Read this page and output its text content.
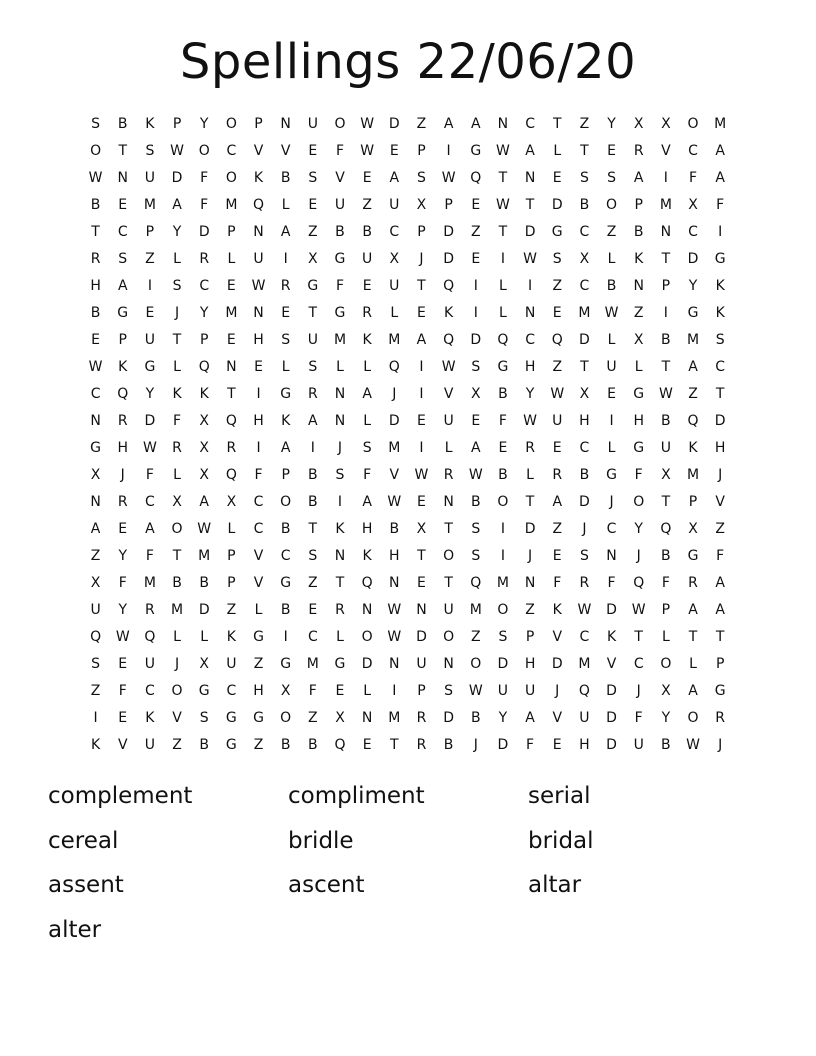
Spellings 22/06/20
S	B	K	P	Y	O	P	N	U	O	W	D	Z	A	A	N	C	T	Z	Y	X	X	O	M
O	T	S	W	O	C	V	V	E	F	W	E	P	I	G	W	A	L	T	E	R	V	C	A
W	N	U	D	F	O	K	B	S	V	E	A	S	W	Q	T	N	E	S	S	A	I	F	A
B	E	M	A	F	M	Q	L	E	U	Z	U	X	P	E	W	T	D	B	O	P	M	X	F
T	C	P	Y	D	P	N	A	Z	B	B	C	P	D	Z	T	D	G	C	Z	B	N	C	I
R	S	Z	L	R	L	U	I	X	G	U	X	J	D	E	I	W	S	X	L	K	T	D	G
H	A	I	S	C	E	W	R	G	F	E	U	T	Q	I	L	I	Z	C	B	N	P	Y	K
B	G	E	J	Y	M	N	E	T	G	R	L	E	K	I	L	N	E	M	W	Z	I	G	K
E	P	U	T	P	E	H	S	U	M	K	M	A	Q	D	Q	C	Q	D	L	X	B	M	S
W	K	G	L	Q	N	E	L	S	L	L	Q	I	W	S	G	H	Z	T	U	L	T	A	C
C	Q	Y	K	K	T	I	G	R	N	A	J	I	V	X	B	Y	W	X	E	G	W	Z	T
N	R	D	F	X	Q	H	K	A	N	L	D	E	U	E	F	W	U	H	I	H	B	Q	D
G	H	W	R	X	R	I	A	I	J	S	M	I	L	A	E	R	E	C	L	G	U	K	H
X	J	F	L	X	Q	F	P	B	S	F	V	W	R	W	B	L	R	B	G	F	X	M	J
N	R	C	X	A	X	C	O	B	I	A	W	E	N	B	O	T	A	D	J	O	T	P	V
A	E	A	O	W	L	C	B	T	K	H	B	X	T	S	I	D	Z	J	C	Y	Q	X	Z
Z	Y	F	T	M	P	V	C	S	N	K	H	T	O	S	I	J	E	S	N	J	B	G	F
X	F	M	B	B	P	V	G	Z	T	Q	N	E	T	Q	M	N	F	R	F	Q	F	R	A
U	Y	R	M	D	Z	L	B	E	R	N	W	N	U	M	O	Z	K	W	D	W	P	A	A
Q	W	Q	L	L	K	G	I	C	L	O	W	D	O	Z	S	P	V	C	K	T	L	T	T
S	E	U	J	X	U	Z	G	M	G	D	N	U	N	O	D	H	D	M	V	C	O	L	P
Z	F	C	O	G	C	H	X	F	E	L	I	P	S	W	U	U	J	Q	D	J	X	A	G
I	E	K	V	S	G	G	O	Z	X	N	M	R	D	B	Y	A	V	U	D	F	Y	O	R
K	V	U	Z	B	G	Z	B	B	Q	E	T	R	B	J	D	F	E	H	D	U	B	W	J
complement	compliment	serial
cereal	bridle	bridal
assent	ascent	altar
alter
